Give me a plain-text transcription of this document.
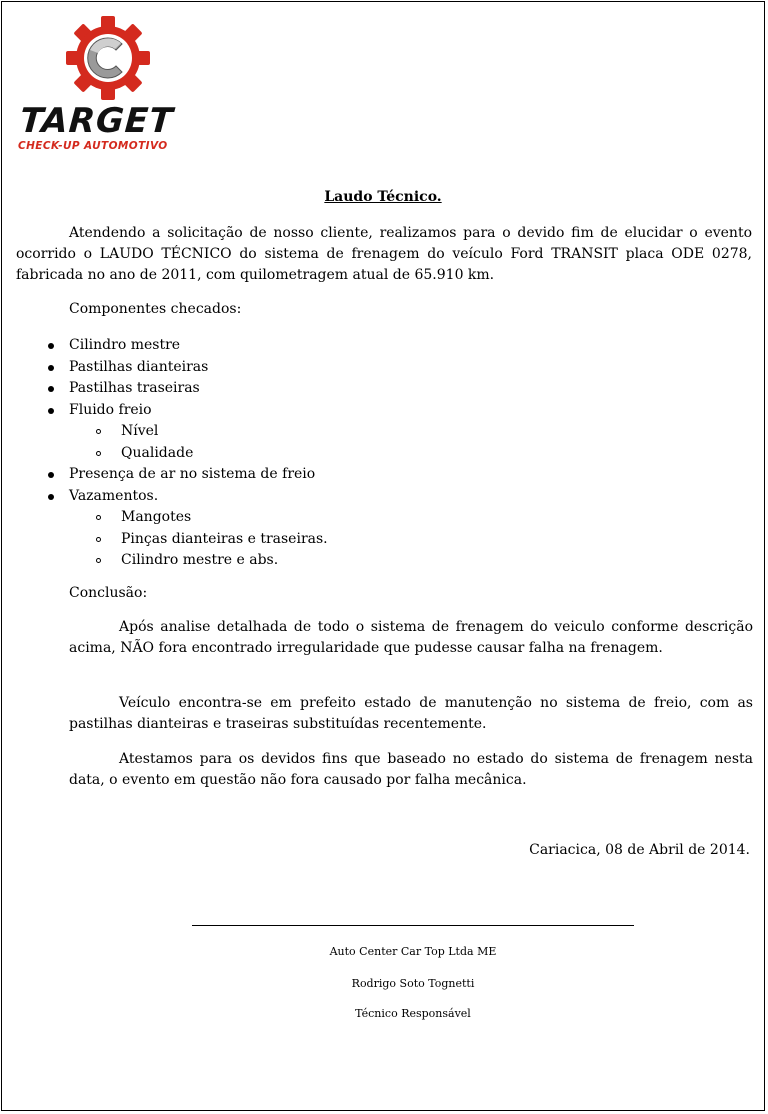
TARGET
CHECK-UP AUTOMOTIVO
Laudo Técnico.

Atendendo a solicitação de nosso cliente, realizamos para o devido fim de elucidar o evento ocorrido o LAUDO TÉCNICO do sistema de frenagem do veículo Ford TRANSIT placa ODE 0278, fabricada no ano de 2011, com quilometragem atual de 65.910 km.

Componentes checados:

Cilindro mestre
Pastilhas dianteiras
Pastilhas traseiras
Fluido freio
Nível
Qualidade
Presença de ar no sistema de freio
Vazamentos.
Mangotes
Pinças dianteiras e traseiras.
Cilindro mestre e abs.

Conclusão:

Após analise detalhada de todo o sistema de frenagem do veiculo conforme descrição acima, NÃO fora encontrado irregularidade que pudesse causar falha na frenagem.

Veículo encontra-se em prefeito estado de manutenção no sistema de freio, com as pastilhas dianteiras e traseiras substituídas recentemente.

Atestamos para os devidos fins que baseado no estado do sistema de frenagem nesta data, o evento em questão não fora causado por falha mecânica.

Cariacica, 08 de Abril de 2014.
Auto Center Car Top Ltda ME
Rodrigo Soto Tognetti
Técnico Responsável
